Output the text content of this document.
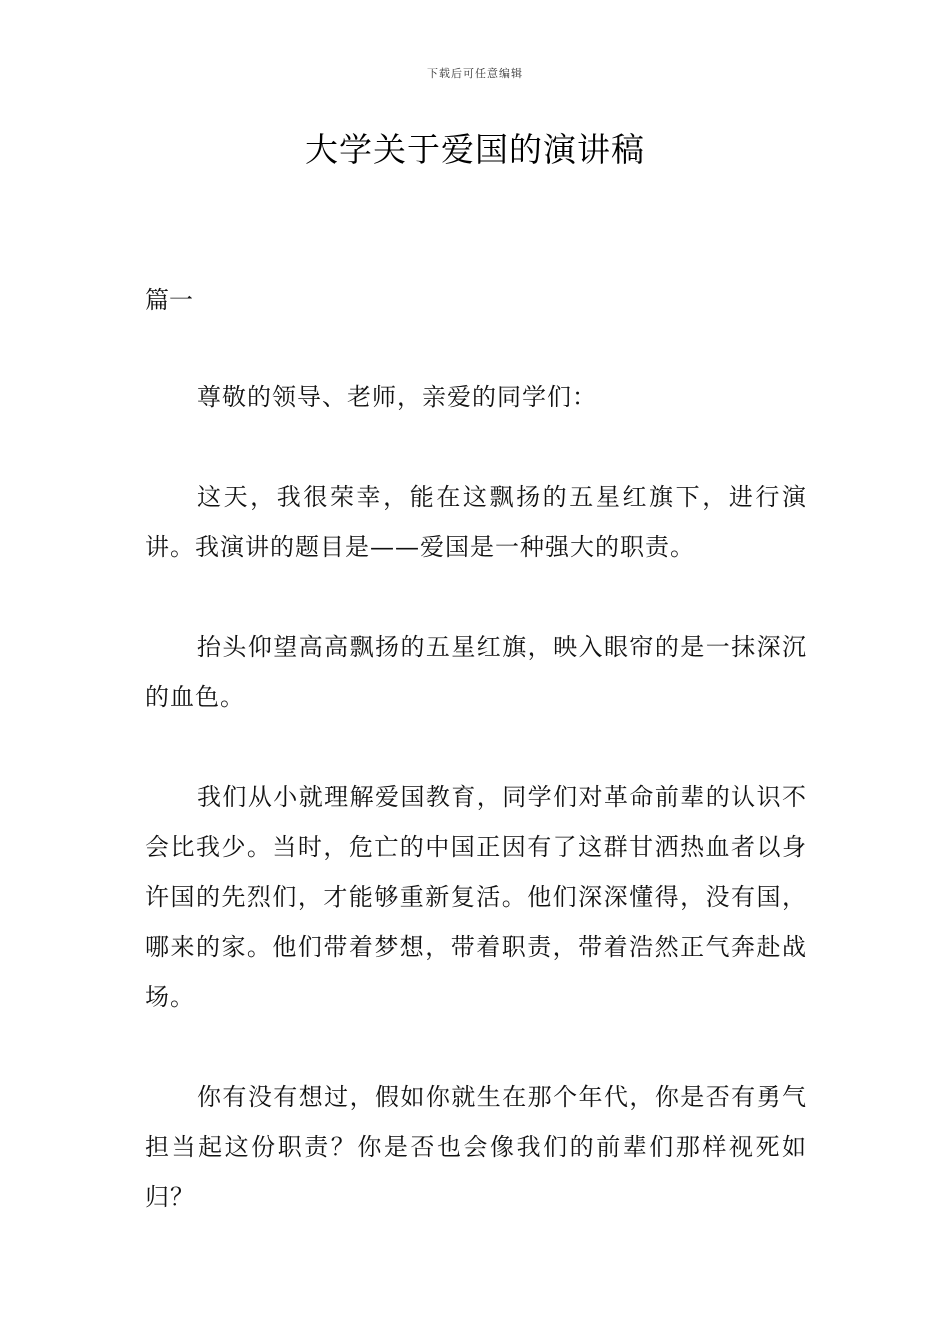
下载后可任意编辑
大学关于爱国的演讲稿

篇一

尊敬的领导、老师，亲爱的同学们：

这天，我很荣幸，能在这飘扬的五星红旗下，进行演讲。我演讲的题目是——爱国是一种强大的职责。

抬头仰望高高飘扬的五星红旗，映入眼帘的是一抹深沉的血色。

我们从小就理解爱国教育，同学们对革命前辈的认识不会比我少。当时，危亡的中国正因有了这群甘洒热血者以身许国的先烈们，才能够重新复活。他们深深懂得，没有国，哪来的家。他们带着梦想，带着职责，带着浩然正气奔赴战场。

你有没有想过，假如你就生在那个年代，你是否有勇气担当起这份职责？你是否也会像我们的前辈们那样视死如归？
